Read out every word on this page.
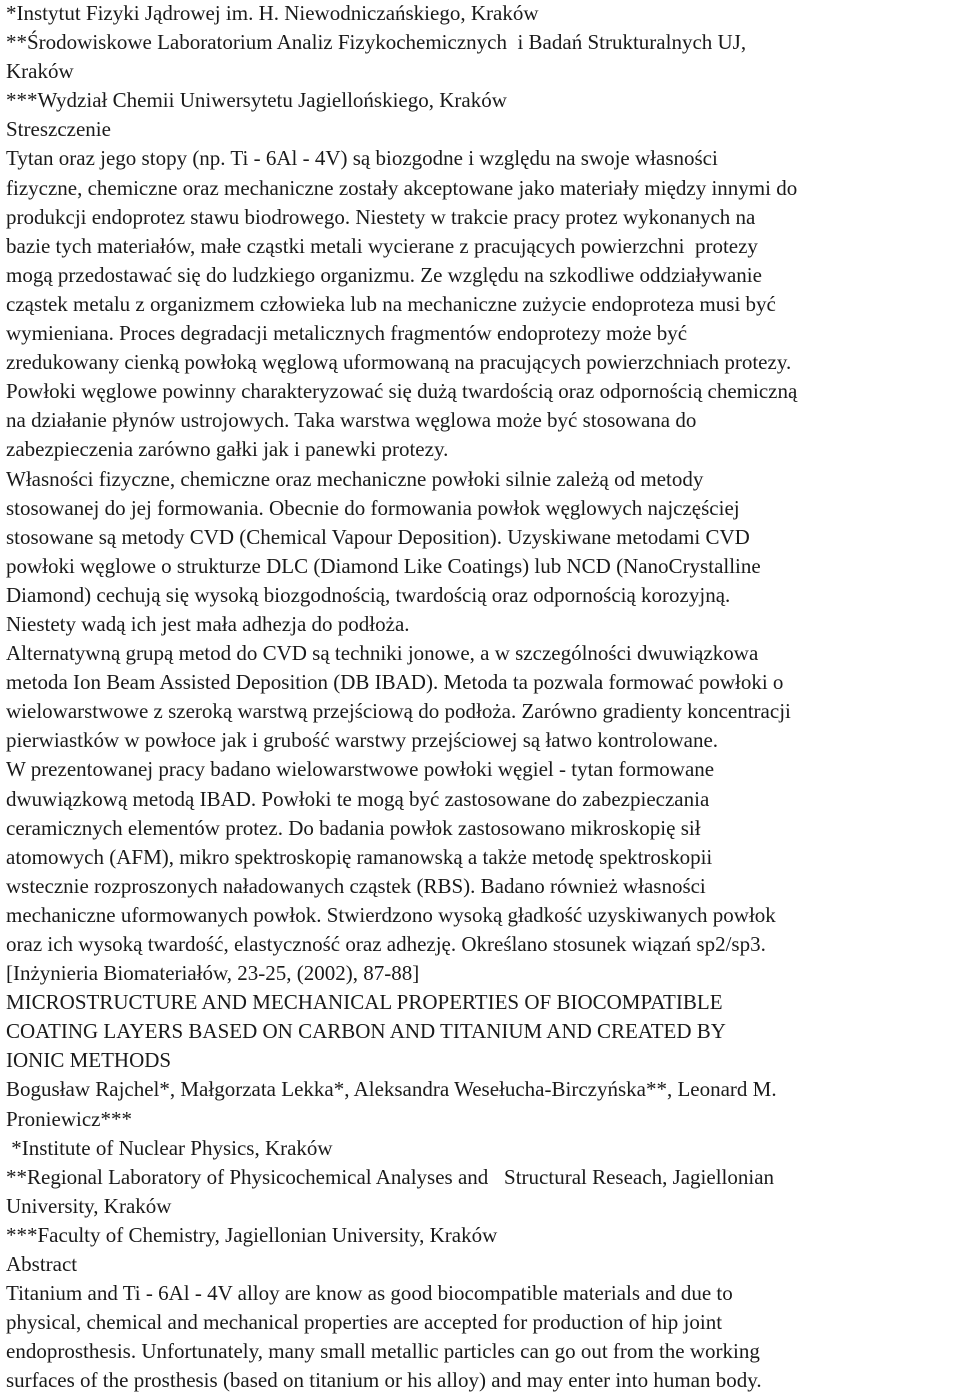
*Instytut Fizyki Jądrowej im. H. Niewodniczańskiego, Kraków
**Środowiskowe Laboratorium Analiz Fizykochemicznych  i Badań Strukturalnych UJ,
Kraków
***Wydział Chemii Uniwersytetu Jagiellońskiego, Kraków
Streszczenie
Tytan oraz jego stopy (np. Ti - 6Al - 4V) są biozgodne i względu na swoje własności
fizyczne, chemiczne oraz mechaniczne zostały akceptowane jako materiały między innymi do
produkcji endoprotez stawu biodrowego. Niestety w trakcie pracy protez wykonanych na
bazie tych materiałów, małe cząstki metali wycierane z pracujących powierzchni  protezy
mogą przedostawać się do ludzkiego organizmu. Ze względu na szkodliwe oddziaływanie
cząstek metalu z organizmem człowieka lub na mechaniczne zużycie endoproteza musi być
wymieniana. Proces degradacji metalicznych fragmentów endoprotezy może być
zredukowany cienką powłoką węglową uformowaną na pracujących powierzchniach protezy.
Powłoki węglowe powinny charakteryzować się dużą twardością oraz odpornością chemiczną
na działanie płynów ustrojowych. Taka warstwa węglowa może być stosowana do
zabezpieczenia zarówno gałki jak i panewki protezy.
Własności fizyczne, chemiczne oraz mechaniczne powłoki silnie zależą od metody
stosowanej do jej formowania. Obecnie do formowania powłok węglowych najczęściej
stosowane są metody CVD (Chemical Vapour Deposition). Uzyskiwane metodami CVD
powłoki węglowe o strukturze DLC (Diamond Like Coatings) lub NCD (NanoCrystalline
Diamond) cechują się wysoką biozgodnością, twardością oraz odpornością korozyjną.
Niestety wadą ich jest mała adhezja do podłoża.
Alternatywną grupą metod do CVD są techniki jonowe, a w szczególności dwuwiązkowa
metoda Ion Beam Assisted Deposition (DB IBAD). Metoda ta pozwala formować powłoki o
wielowarstwowe z szeroką warstwą przejściową do podłoża. Zarówno gradienty koncentracji
pierwiastków w powłoce jak i grubość warstwy przejściowej są łatwo kontrolowane.
W prezentowanej pracy badano wielowarstwowe powłoki węgiel - tytan formowane
dwuwiązkową metodą IBAD. Powłoki te mogą być zastosowane do zabezpieczania
ceramicznych elementów protez. Do badania powłok zastosowano mikroskopię sił
atomowych (AFM), mikro spektroskopię ramanowską a także metodę spektroskopii
wstecznie rozproszonych naładowanych cząstek (RBS). Badano również własności
mechaniczne uformowanych powłok. Stwierdzono wysoką gładkość uzyskiwanych powłok
oraz ich wysoką twardość, elastyczność oraz adhezję. Określano stosunek wiązań sp2/sp3.
[Inżynieria Biomateriałów, 23-25, (2002), 87-88]
MICROSTRUCTURE AND MECHANICAL PROPERTIES OF BIOCOMPATIBLE
COATING LAYERS BASED ON CARBON AND TITANIUM AND CREATED BY
IONIC METHODS
Bogusław Rajchel*, Małgorzata Lekka*, Aleksandra Wesełucha-Birczyńska**, Leonard M.
Proniewicz***
*Institute of Nuclear Physics, Kraków
**Regional Laboratory of Physicochemical Analyses and   Structural Reseach, Jagiellonian
University, Kraków
***Faculty of Chemistry, Jagiellonian University, Kraków
Abstract
Titanium and Ti - 6Al - 4V alloy are know as good biocompatible materials and due to
physical, chemical and mechanical properties are accepted for production of hip joint
endoprosthesis. Unfortunately, many small metallic particles can go out from the working
surfaces of the prosthesis (based on titanium or his alloy) and may enter into human body.
